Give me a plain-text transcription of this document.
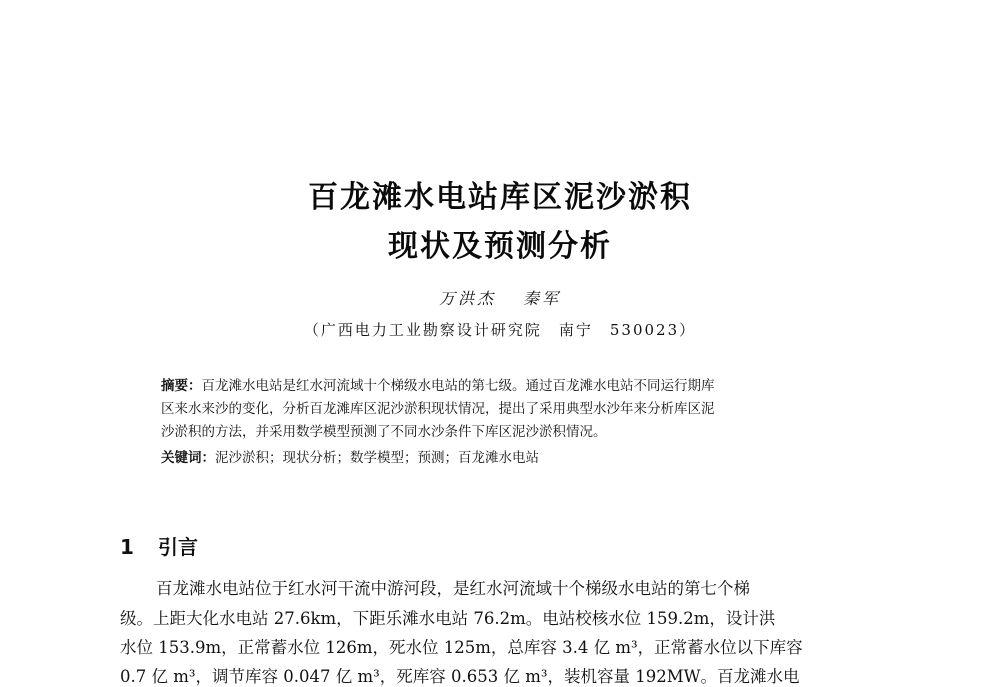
百龙滩水电站库区泥沙淤积
现状及预测分析
万洪杰　 秦军
（广西电力工业勘察设计研究院　南宁　530023）
摘要：百龙滩水电站是红水河流域十个梯级水电站的第七级。通过百龙滩水电站不同运行期库
区来水来沙的变化，分析百龙滩库区泥沙淤积现状情况，提出了采用典型水沙年来分析库区泥
沙淤积的方法，并采用数学模型预测了不同水沙条件下库区泥沙淤积情况。
关键词：泥沙淤积；现状分析；数学模型；预测；百龙滩水电站
1 引言
百龙滩水电站位于红水河干流中游河段，是红水河流域十个梯级水电站的第七个梯
级。上距大化水电站 27.6km，下距乐滩水电站 76.2m。电站校核水位 159.2m，设计洪
水位 153.9m，正常蓄水位 126m，死水位 125m，总库容 3.4 亿 m³，正常蓄水位以下库容
0.7 亿 m³，调节库容 0.047 亿 m³，死库容 0.653 亿 m³，装机容量 192MW。百龙滩水电
